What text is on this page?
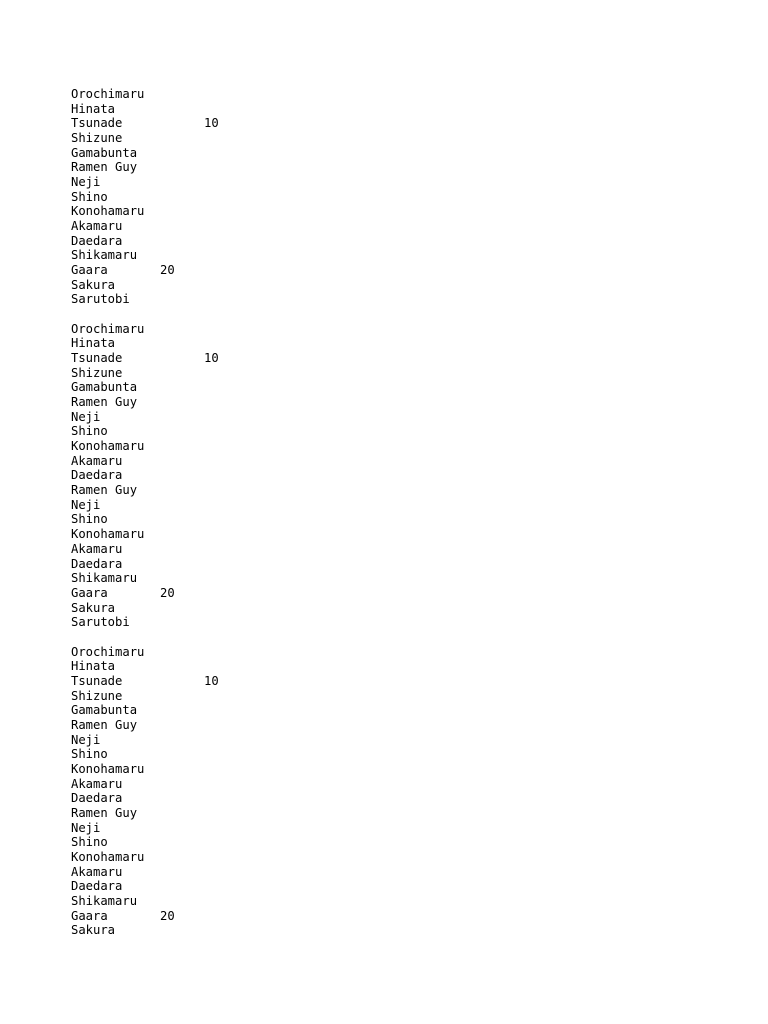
Orochimaru
Hinata
Tsunade	10
Shizune
Gamabunta
Ramen Guy
Neji
Shino
Konohamaru
Akamaru
Daedara
Shikamaru
Gaara	20
Sakura
Sarutobi
Orochimaru
Hinata
Tsunade	10
Shizune
Gamabunta
Ramen Guy
Neji
Shino
Konohamaru
Akamaru
Daedara
Ramen Guy
Neji
Shino
Konohamaru
Akamaru
Daedara
Shikamaru
Gaara	20
Sakura
Sarutobi
Orochimaru
Hinata
Tsunade	10
Shizune
Gamabunta
Ramen Guy
Neji
Shino
Konohamaru
Akamaru
Daedara
Ramen Guy
Neji
Shino
Konohamaru
Akamaru
Daedara
Shikamaru
Gaara	20
Sakura
